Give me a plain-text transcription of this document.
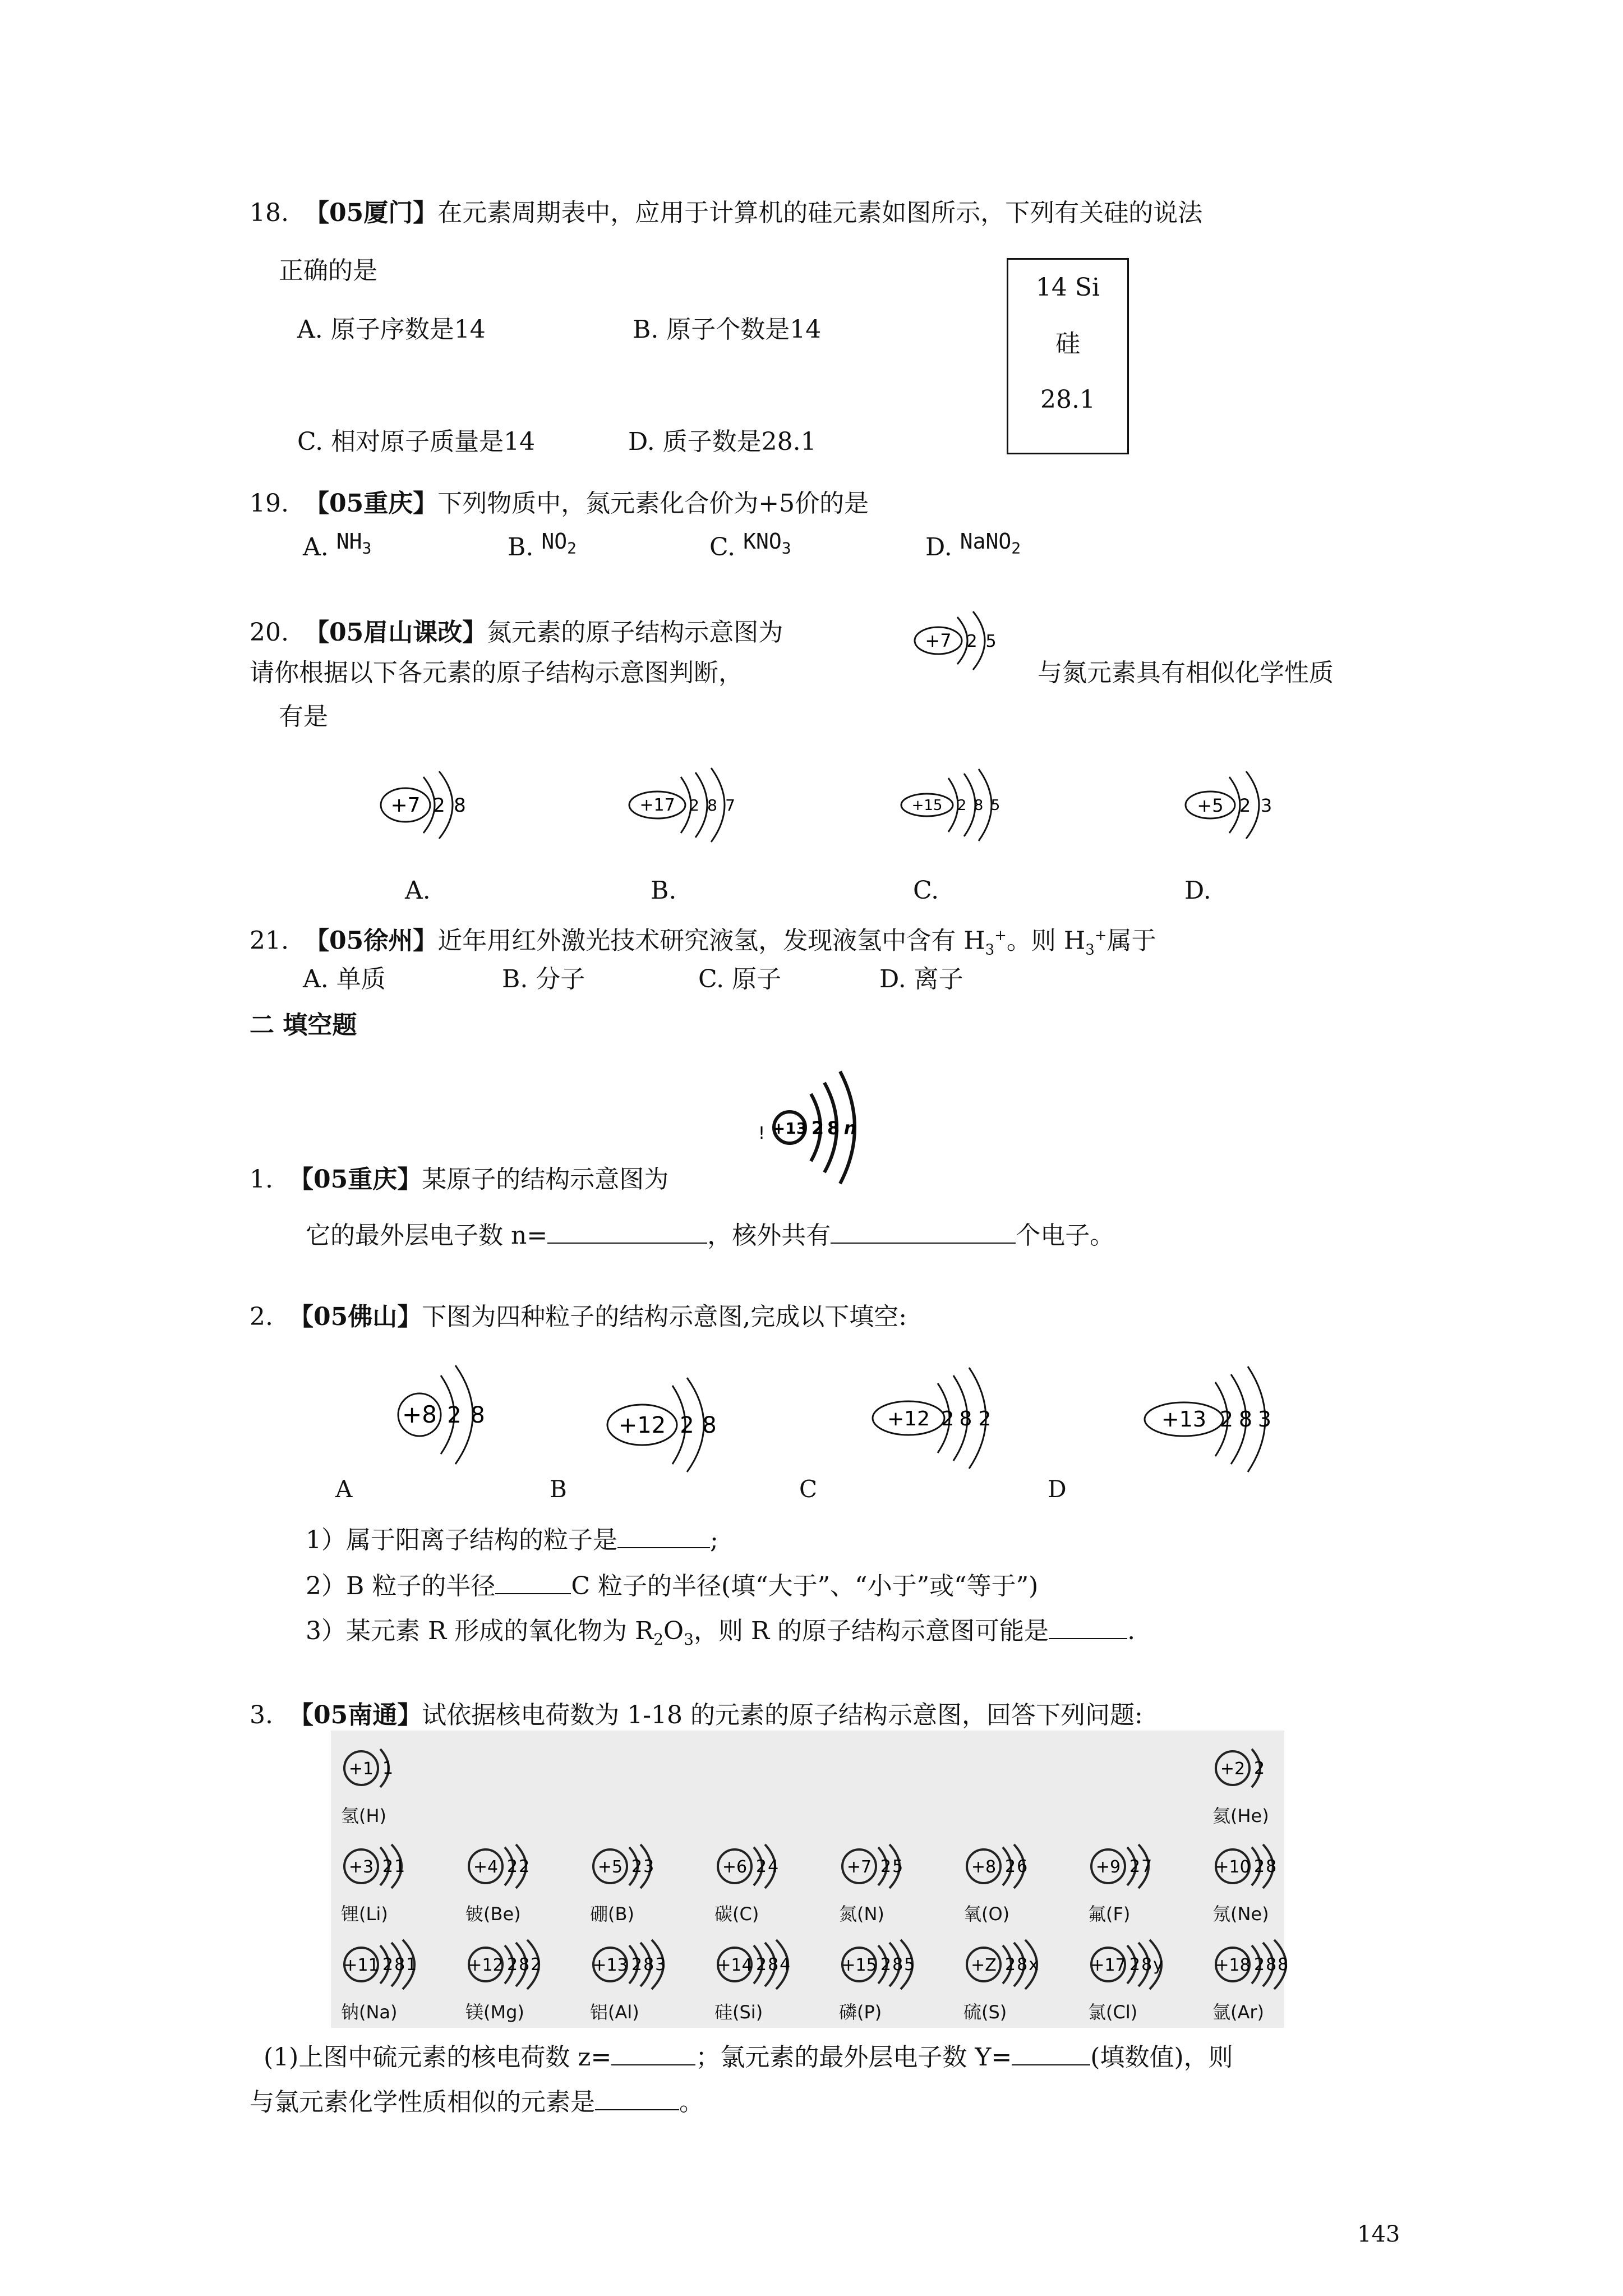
18. 【05厦门】在元素周期表中，应用于计算机的硅元素如图所示，下列有关硅的说法
正确的是
A. 原子序数是14	B. 原子个数是14
C. 相对原子质量是14	D. 质子数是28.1
14 Si
硅
28.1
19. 【05重庆】下列物质中，氮元素化合价为+5价的是
A. $NH_3$	B. $NO_2$	C. $KNO_3$	D. NaNO$_2$
20. 【05眉山课改】氮元素的原子结构示意图为
请你根据以下各元素的原子结构示意图判断，	与氮元素具有相似化学性质
有是
+7 2 5
+7 2 8	+17 2 8 7	+15 2 8 5	+5 2 3
A.	B.	C.	D.
21. 【05徐州】近年用红外激光技术研究液氢，发现液氢中含有 $H_3^+$。则 $H_3^+$属于
A. 单质	B. 分子	C. 原子	D. 离子
二 填空题
! +13 2 8 n
1. 【05重庆】某原子的结构示意图为
它的最外层电子数 n=	，核外共有	个电子。
2. 【05佛山】下图为四种粒子的结构示意图,完成以下填空:
+8 2 8	+12 2 8	+12 2 8 2	+13 2 8 3
A	B	C	D
1）属于阳离子结构的粒子是	;
2）B 粒子的半径	C 粒子的半径(填“大于”、“小于”或“等于”)
3）某元素 R 形成的氧化物为 $R_2O_3$，则 R 的原子结构示意图可能是	.
3. 【05南通】试依据核电荷数为 1-18 的元素的原子结构示意图，回答下列问题:
+1 1
氢(H)
+2 2
氦(He)
+3 21
锂(Li)
+4 22
铍(Be)
+5 23
硼(B)
+6 24
碳(C)
+7 25
氮(N)
+8 26
氧(O)
+9 27
氟(F)
+10 28
氖(Ne)
+11 281
钠(Na)
+12 282
镁(Mg)
+13 283
铝(Al)
+14 284
硅(Si)
+15 285
磷(P)
+Z 28x
硫(S)
+17 28y
氯(Cl)
+18 288
氩(Ar)
(1)上图中硫元素的核电荷数 z=	；氯元素的最外层电子数 Y=	(填数值)，则
与氯元素化学性质相似的元素是	。
143
